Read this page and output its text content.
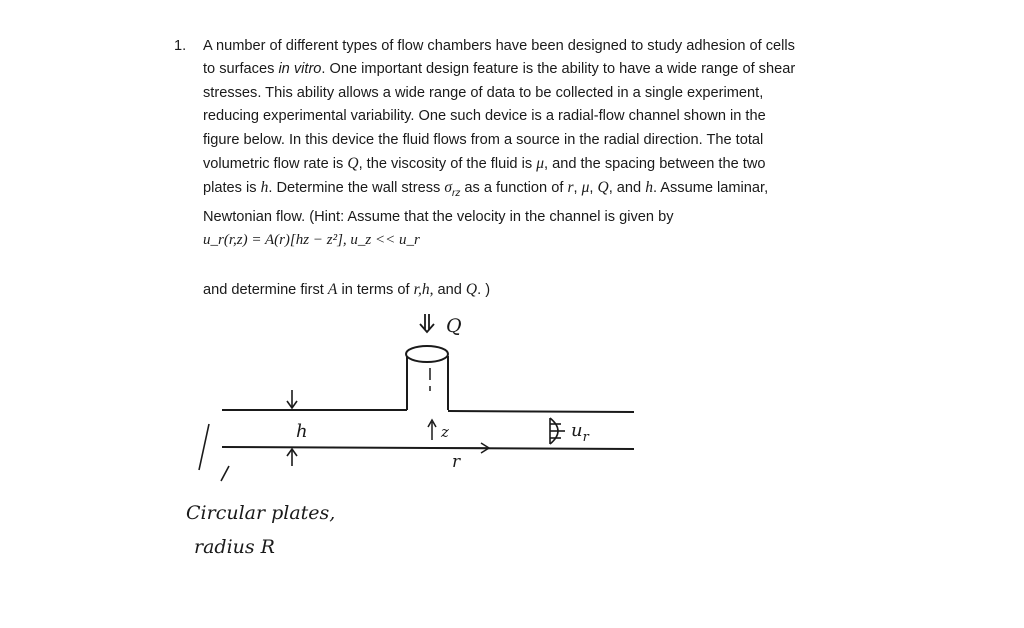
1. A number of different types of flow chambers have been designed to study adhesion of cells
to surfaces in vitro. One important design feature is the ability to have a wide range of shear
stresses. This ability allows a wide range of data to be collected in a single experiment,
reducing experimental variability. One such device is a radial-flow channel shown in the
figure below. In this device the fluid flows from a source in the radial direction. The total
volumetric flow rate is Q, the viscosity of the fluid is μ, and the spacing between the two
plates is h. Determine the wall stress $\sigma_{rz}$ as a function of r, μ, Q, and h. Assume laminar,
Newtonian flow. (Hint: Assume that the velocity in the channel is given by
u_r(r,z) = A(r)[hz − z²], u_z << u_r
and determine first A in terms of r,h, and Q. )
Q
h	z
r
$u_r$
Circular plates,
radius R
